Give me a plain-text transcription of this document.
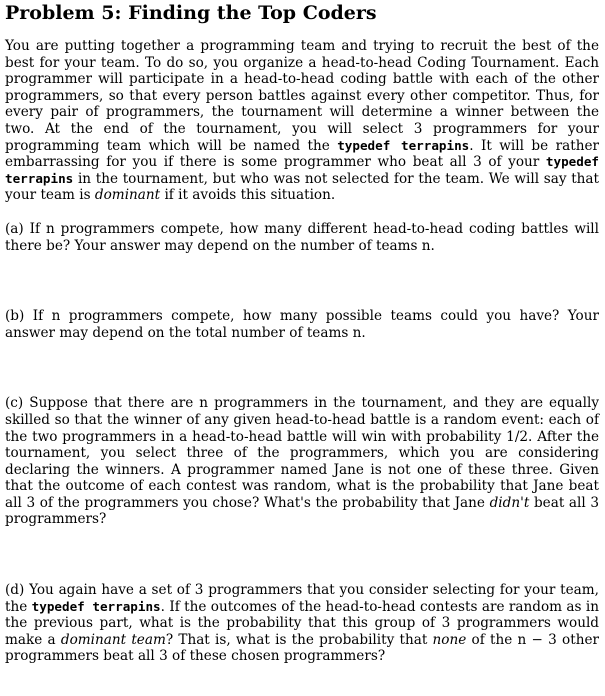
Problem 5: Finding the Top Coders

You are putting together a programming team and trying to recruit the best of the best for your team. To do so, you organize a head-to-head Coding Tournament. Each programmer will participate in a head-to-head coding battle with each of the other programmers, so that every person battles against every other competitor. Thus, for every pair of programmers, the tournament will determine a winner between the two. At the end of the tournament, you will select 3 programmers for your programming team which will be named the typedef terrapins. It will be rather embarrassing for you if there is some programmer who beat all 3 of your typedef terrapins in the tournament, but who was not selected for the team. We will say that your team is dominant if it avoids this situation.

(a) If n programmers compete, how many different head-to-head coding battles will there be? Your answer may depend on the number of teams n.

(b) If n programmers compete, how many possible teams could you have? Your answer may depend on the total number of teams n.

(c) Suppose that there are n programmers in the tournament, and they are equally skilled so that the winner of any given head-to-head battle is a random event: each of the two programmers in a head-to-head battle will win with probability 1/2. After the tournament, you select three of the programmers, which you are considering declaring the winners. A programmer named Jane is not one of these three. Given that the outcome of each contest was random, what is the probability that Jane beat all 3 of the programmers you chose? What's the probability that Jane didn't beat all 3 programmers?

(d) You again have a set of 3 programmers that you consider selecting for your team, the typedef terrapins. If the outcomes of the head-to-head contests are random as in the previous part, what is the probability that this group of 3 programmers would make a dominant team? That is, what is the probability that none of the n − 3 other programmers beat all 3 of these chosen programmers?
